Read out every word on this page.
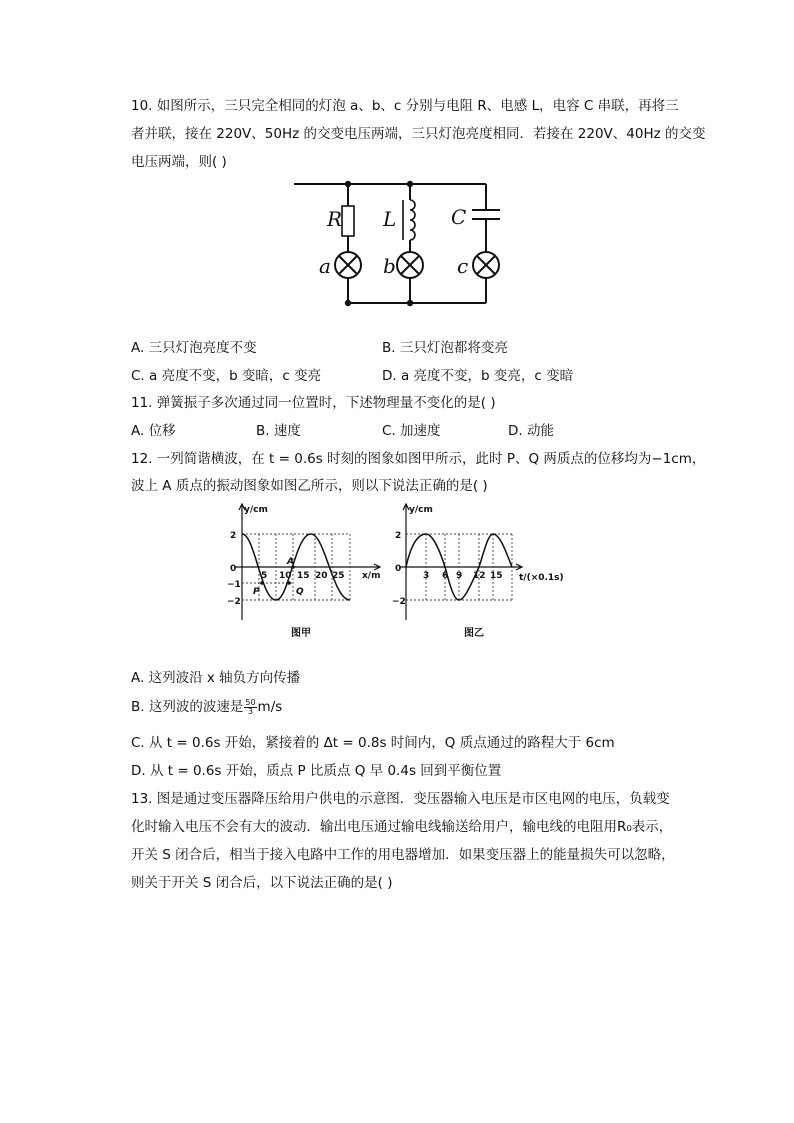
10. 如图所示，三只完全相同的灯泡 a、b、c 分别与电阻 R、电感 L，电容 C 串联，再将三
者并联，接在 220V、50Hz 的交变电压两端，三只灯泡亮度相同．若接在 220V、40Hz 的交变
电压两端，则( )
R L	C
a	b	c
A. 三只灯泡亮度不变	B. 三只灯泡都将变亮
C. a 亮度不变，b 变暗，c 变亮	D. a 亮度不变，b 变亮，c 变暗
11. 弹簧振子多次通过同一位置时，下述物理量不变化的是( )
A. 位移	B. 速度	C. 加速度	D. 动能
12. 一列简谐横波，在 t = 0.6s 时刻的图象如图甲所示，此时 P、Q 两质点的位移均为−1cm，
波上 A 质点的振动图象如图乙所示，则以下说法正确的是( )
y/cm
x/m
2
0
−1
−2
5 10 15 20 25
P	Q
A
图甲
y/cm
t/(×0.1s)
2
0
−2
3 6 9 12 15
图乙
A. 这列波沿 x 轴负方向传播
B. 这列波的波速是 $\frac{50}{3} m/s$
C. 从 t = 0.6s 开始，紧接着的 Δt = 0.8s 时间内，Q 质点通过的路程大于 6cm
D. 从 t = 0.6s 开始，质点 P 比质点 Q 早 0.4s 回到平衡位置
13. 图是通过变压器降压给用户供电的示意图．变压器输入电压是市区电网的电压，负载变
化时输入电压不会有大的波动．输出电压通过输电线输送给用户，输电线的电阻用R₀表示，
开关 S 闭合后，相当于接入电路中工作的用电器增加．如果变压器上的能量损失可以忽略，
则关于开关 S 闭合后，以下说法正确的是( )
